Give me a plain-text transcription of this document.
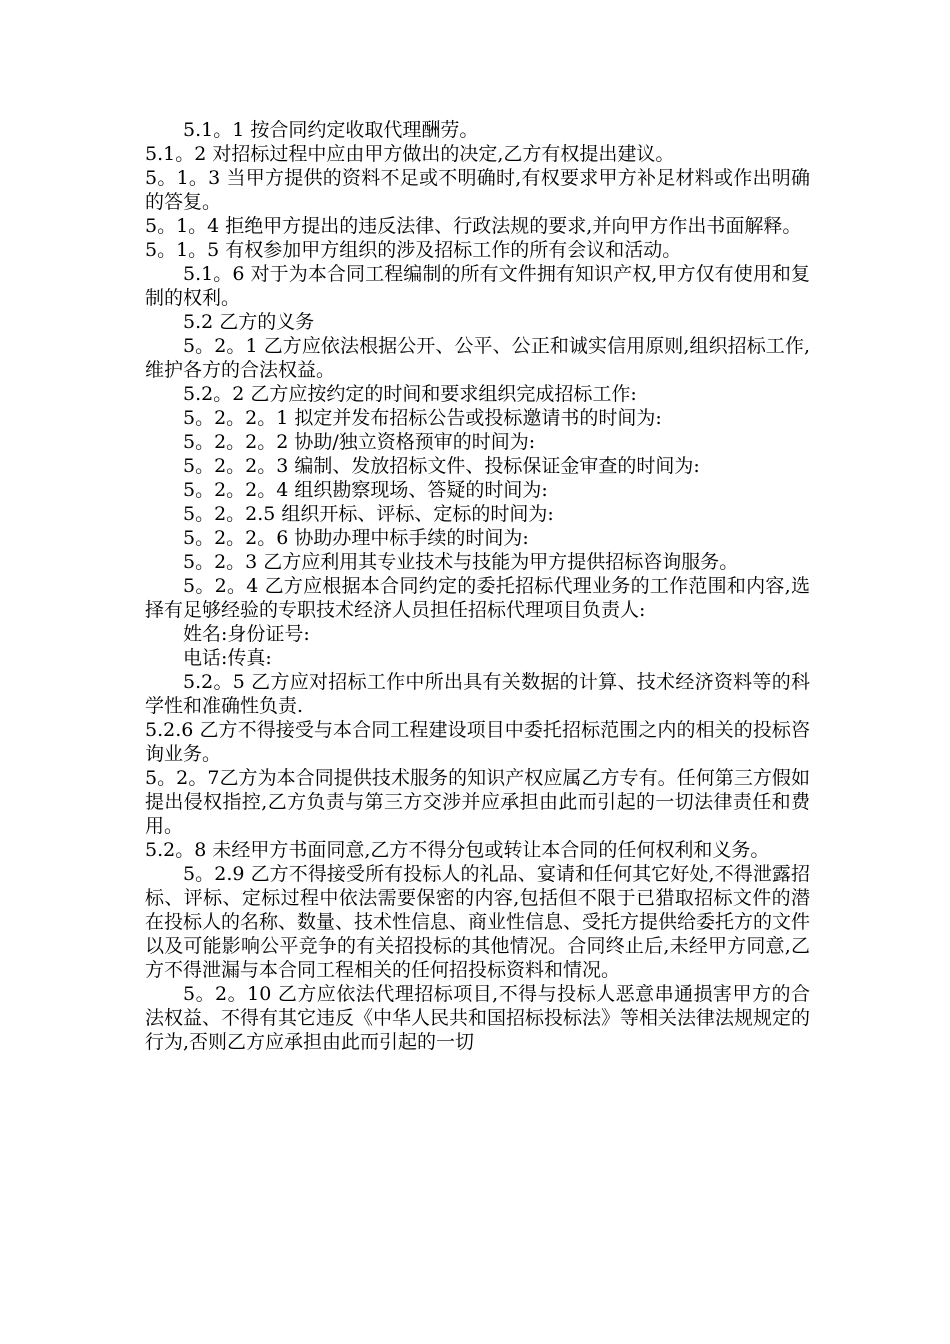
5.1。1 按合同约定收取代理酬劳。

5.1。2 对招标过程中应由甲方做出的决定,乙方有权提出建议。

5。1。3 当甲方提供的资料不足或不明确时,有权要求甲方补足材料或作出明确的答复。

5。1。4 拒绝甲方提出的违反法律、行政法规的要求,并向甲方作出书面解释。

5。1。5 有权参加甲方组织的涉及招标工作的所有会议和活动。

5.1。6 对于为本合同工程编制的所有文件拥有知识产权,甲方仅有使用和复制的权利。

5.2 乙方的义务

5。2。1 乙方应依法根据公开、公平、公正和诚实信用原则,组织招标工作,维护各方的合法权益。

5.2。2 乙方应按约定的时间和要求组织完成招标工作:

5。2。2。1 拟定并发布招标公告或投标邀请书的时间为:

5。2。2。2 协助/独立资格预审的时间为:

5。2。2。3 编制、发放招标文件、投标保证金审查的时间为:

5。2。2。4 组织勘察现场、答疑的时间为:

5。2。2.5 组织开标、评标、定标的时间为:

5。2。2。6 协助办理中标手续的时间为:

5。2。3 乙方应利用其专业技术与技能为甲方提供招标咨询服务。

5。2。4 乙方应根据本合同约定的委托招标代理业务的工作范围和内容,选择有足够经验的专职技术经济人员担任招标代理项目负责人:

姓名:身份证号:

电话:传真:

5.2。5 乙方应对招标工作中所出具有关数据的计算、技术经济资料等的科学性和准确性负责.

5.2.6 乙方不得接受与本合同工程建设项目中委托招标范围之内的相关的投标咨询业务。

5。2。7乙方为本合同提供技术服务的知识产权应属乙方专有。任何第三方假如提出侵权指控,乙方负责与第三方交涉并应承担由此而引起的一切法律责任和费用。

5.2。8 未经甲方书面同意,乙方不得分包或转让本合同的任何权利和义务。

5。2.9 乙方不得接受所有投标人的礼品、宴请和任何其它好处,不得泄露招标、评标、定标过程中依法需要保密的内容,包括但不限于已猎取招标文件的潜在投标人的名称、数量、技术性信息、商业性信息、受托方提供给委托方的文件以及可能影响公平竞争的有关招投标的其他情况。合同终止后,未经甲方同意,乙方不得泄漏与本合同工程相关的任何招投标资料和情况。

5。2。10 乙方应依法代理招标项目,不得与投标人恶意串通损害甲方的合法权益、不得有其它违反《中华人民共和国招标投标法》等相关法律法规规定的行为,否则乙方应承担由此而引起的一切
